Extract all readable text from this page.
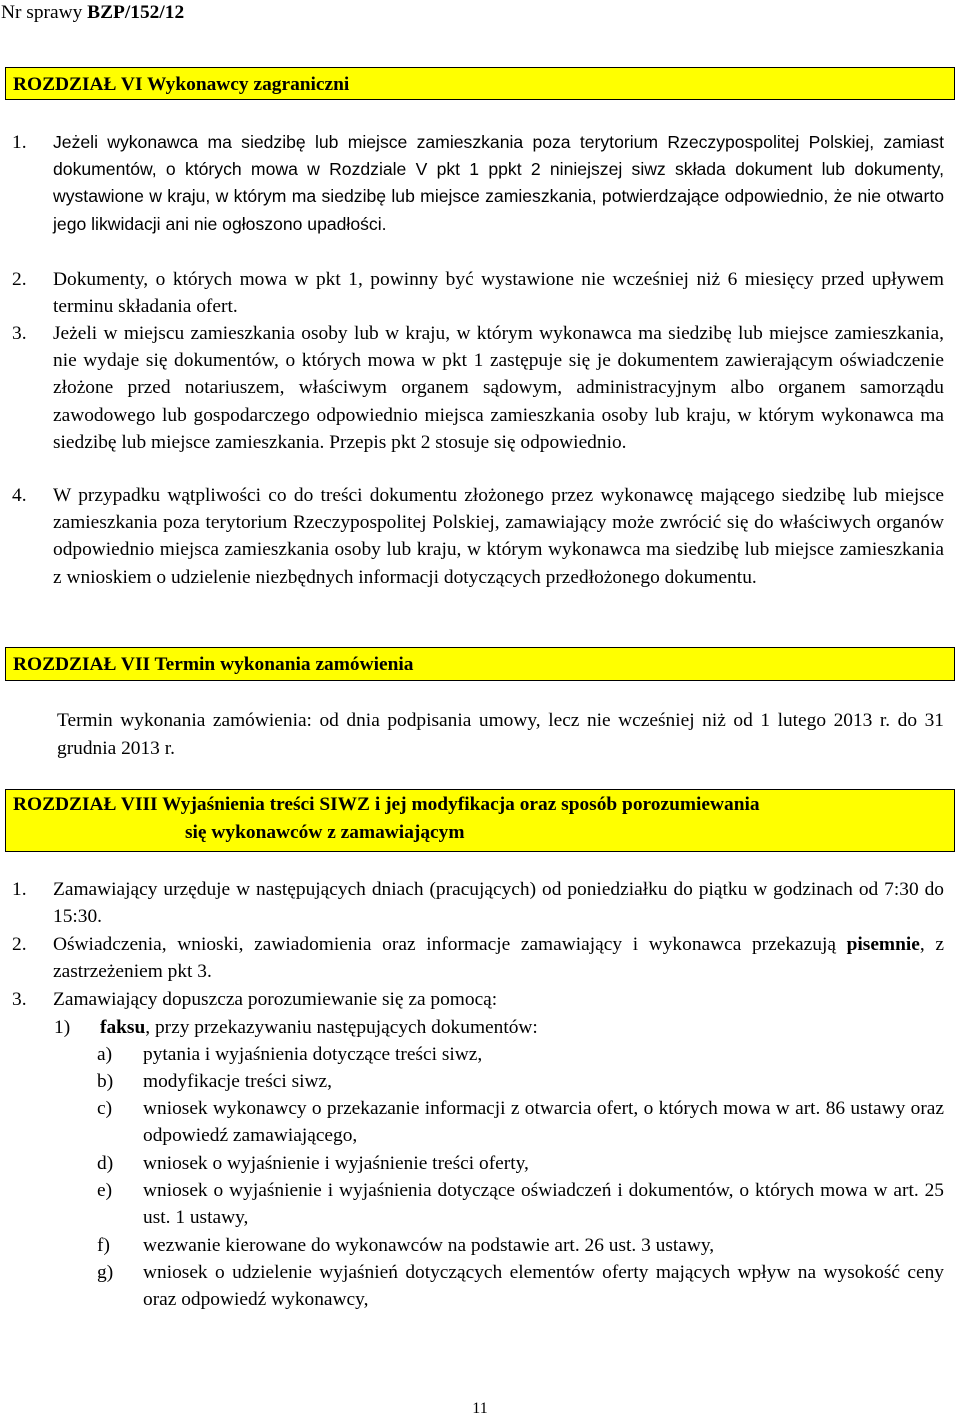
Nr sprawy BZP/152/12
ROZDZIAŁ VI Wykonawcy zagraniczni
1. Jeżeli wykonawca ma siedzibę lub miejsce zamieszkania poza terytorium Rzeczypospolitej Polskiej, zamiast dokumentów, o których mowa w Rozdziale V pkt 1 ppkt 2 niniejszej siwz składa dokument lub dokumenty, wystawione w kraju, w którym ma siedzibę lub miejsce zamieszkania, potwierdzające odpowiednio, że nie otwarto jego likwidacji ani nie ogłoszono upadłości.
2. Dokumenty, o których mowa w pkt 1, powinny być wystawione nie wcześniej niż 6 miesięcy przed upływem terminu składania ofert.
3. Jeżeli w miejscu zamieszkania osoby lub w kraju, w którym wykonawca ma siedzibę lub miejsce zamieszkania, nie wydaje się dokumentów, o których mowa w pkt 1 zastępuje się je dokumentem zawierającym oświadczenie złożone przed notariuszem, właściwym organem sądowym, administracyjnym albo organem samorządu zawodowego lub gospodarczego odpowiednio miejsca zamieszkania osoby lub kraju, w którym wykonawca ma siedzibę lub miejsce zamieszkania. Przepis pkt 2 stosuje się odpowiednio.
4. W przypadku wątpliwości co do treści dokumentu złożonego przez wykonawcę mającego siedzibę lub miejsce zamieszkania poza terytorium Rzeczypospolitej Polskiej, zamawiający może zwrócić się do właściwych organów odpowiednio miejsca zamieszkania osoby lub kraju, w którym wykonawca ma siedzibę lub miejsce zamieszkania z wnioskiem o udzielenie niezbędnych informacji dotyczących przedłożonego dokumentu.
ROZDZIAŁ VII Termin wykonania zamówienia
Termin wykonania zamówienia: od dnia podpisania umowy, lecz nie wcześniej niż od 1 lutego 2013 r. do 31 grudnia 2013 r.
ROZDZIAŁ VIII Wyjaśnienia treści SIWZ i jej modyfikacja oraz sposób porozumiewania
się wykonawców z zamawiającym
1. Zamawiający urzęduje w następujących dniach (pracujących) od poniedziałku do piątku w godzinach od 7:30 do 15:30.
2. Oświadczenia, wnioski, zawiadomienia oraz informacje zamawiający i wykonawca przekazują pisemnie, z zastrzeżeniem pkt 3.
3. Zamawiający dopuszcza porozumiewanie się za pomocą:
1) faksu, przy przekazywaniu następujących dokumentów:
a) pytania i wyjaśnienia dotyczące treści siwz,
b) modyfikacje treści siwz,
c) wniosek wykonawcy o przekazanie informacji z otwarcia ofert, o których mowa w art. 86 ustawy oraz odpowiedź zamawiającego,
d) wniosek o wyjaśnienie i wyjaśnienie treści oferty,
e) wniosek o wyjaśnienie i wyjaśnienia dotyczące oświadczeń i dokumentów, o których mowa w art. 25 ust. 1 ustawy,
f) wezwanie kierowane do wykonawców na podstawie art. 26 ust. 3 ustawy,
g) wniosek o udzielenie wyjaśnień dotyczących elementów oferty mających wpływ na wysokość ceny oraz odpowiedź wykonawcy,
11
